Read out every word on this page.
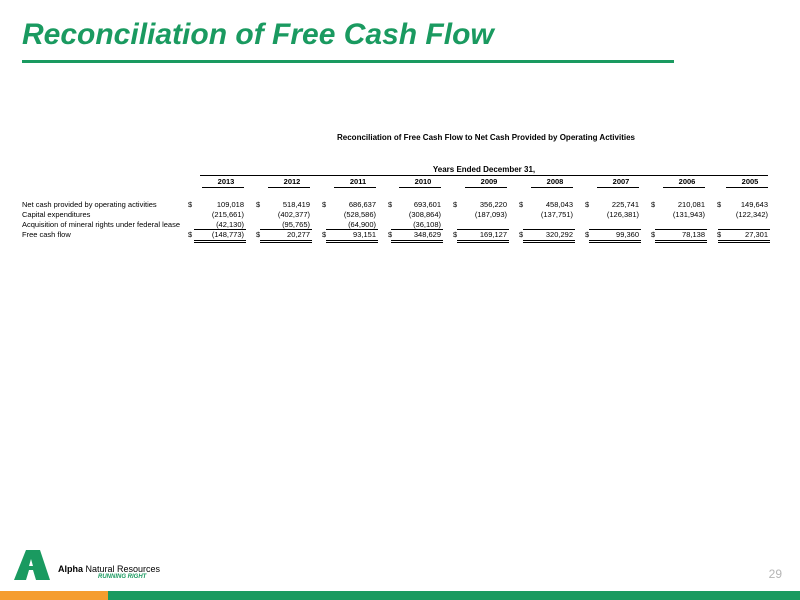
Reconciliation of Free Cash Flow
Reconciliation of Free Cash Flow to Net Cash Provided by Operating Activities
Years Ended December 31,
2013	2012	2011	2010	2009	2008	2007	2006	2005
Net cash provided by operating activities	$	109,018 $	518,419 $	686,637 $	693,601 $	356,220 $	458,043 $	225,741 $	210,081 $	149,643
Capital expenditures	(215,661)	(402,377)	(528,586)	(308,864)	(187,093)	(137,751)	(126,381)	(131,943)	(122,342)
Acquisition of mineral rights under federal lease	(42,130)	(95,765)	(64,900)	(36,108)
Free cash flow	$	(148,773) $	20,277 $	93,151 $	348,629 $	169,127 $	320,292 $	99,360 $	78,138 $	27,301
Alpha Natural Resources
RUNNING RIGHT	29
